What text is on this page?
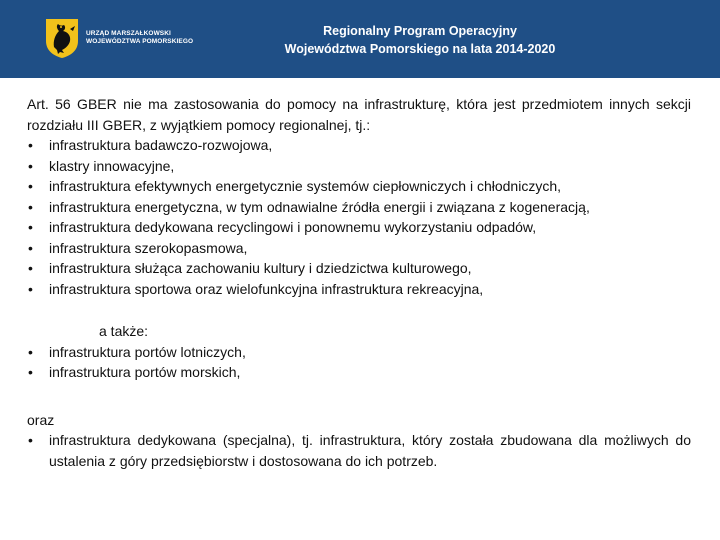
URZĄD MARSZAŁKOWSKI
WOJEWÓDZTWA POMORSKIEGO
Regionalny Program Operacyjny
Województwa Pomorskiego na lata 2014-2020

Art. 56 GBER nie ma zastosowania do pomocy na infrastrukturę, która jest przedmiotem innych sekcji rozdziału III GBER, z wyjątkiem pomocy regionalnej, tj.:

• infrastruktura badawczo-rozwojowa,
• klastry innowacyjne,
• infrastruktura efektywnych energetycznie systemów ciepłowniczych i chłodniczych,
• infrastruktura energetyczna, w tym odnawialne źródła energii i związana z kogeneracją,
• infrastruktura dedykowana recyclingowi i ponownemu wykorzystaniu odpadów,
• infrastruktura szerokopasmowa,
• infrastruktura służąca zachowaniu kultury i dziedzictwa kulturowego,
• infrastruktura sportowa oraz wielofunkcyjna infrastruktura rekreacyjna,

a także:

• infrastruktura portów lotniczych,
• infrastruktura portów morskich,

oraz

• infrastruktura dedykowana (specjalna), tj. infrastruktura, który została zbudowana dla możliwych do ustalenia z góry przedsiębiorstw i dostosowana do ich potrzeb.
